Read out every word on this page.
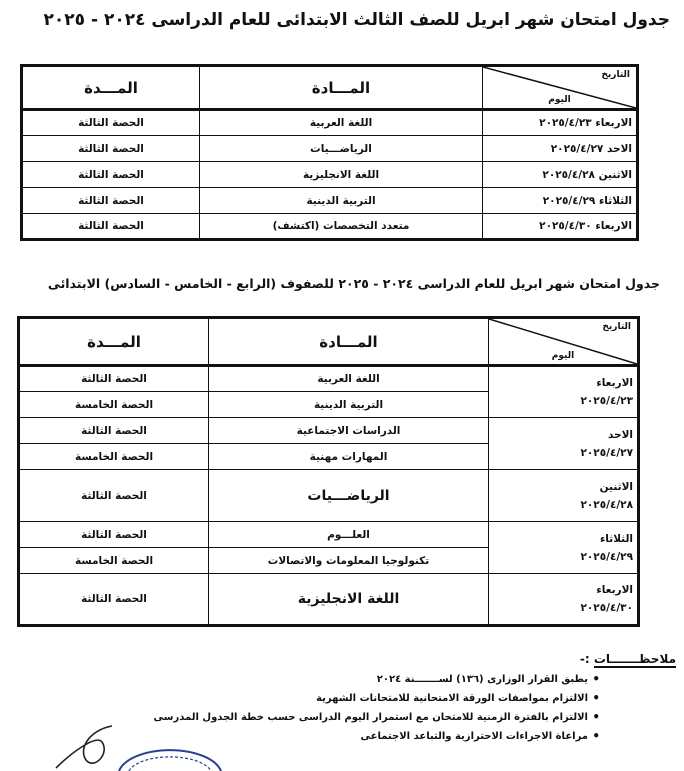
جدول امتحان شهر ابريل للصف الثالث الابتدائى للعام الدراسى ٢٠٢٤ - ٢٠٢٥
التاريخ
اليوم	المـــادة	المـــدة
الاربعاء ٢٠٢٥/٤/٢٣	اللغة العربية	الحصة الثالثة
الاحد ٢٠٢٥/٤/٢٧	الرياضـــيات	الحصة الثالثة
الاثنين ٢٠٢٥/٤/٢٨	اللغة الانجليزية	الحصة الثالثة
الثلاثاء ٢٠٢٥/٤/٢٩	التربية الدينية	الحصة الثالثة
الاربعاء ٢٠٢٥/٤/٣٠	متعدد التخصصات (اكتشف)	الحصة الثالثة
جدول امتحان شهر ابريل للعام الدراسى ٢٠٢٤ - ٢٠٢٥ للصفوف (الرابع - الخامس - السادس) الابتدائى
التاريخ
اليوم	المـــادة	المـــدة

الاربعاء
٢٠٢٥/٤/٢٣	اللغة العربية	الحصة الثالثة
	التربية الدينية	الحصة الخامسة

الاحد
٢٠٢٥/٤/٢٧	الدراسات الاجتماعية	الحصة الثالثة
	المهارات مهنية	الحصة الخامسة

الاثنين
٢٠٢٥/٤/٢٨	الرياضـــيات	الحصة الثالثة

الثلاثاء
٢٠٢٥/٤/٢٩	العلـــوم	الحصة الثالثة
	تكنولوجيا المعلومات والاتصالات	الحصة الخامسة

الاربعاء
٢٠٢٥/٤/٣٠	اللغة الانجليزية	الحصة الثالثة
ملاحظـــــــات :-
• يطبق القرار الوزارى (١٣٦) لســـــــنة ٢٠٢٤
• الالتزام بمواصفات الورقة الامتحانية للامتحانات الشهرية
• الالتزام بالفترة الزمنية للامتحان مع استمرار اليوم الدراسى حسب خطة الجدول المدرسى
• مراعاة الاجراءات الاحترازية والتباعد الاجتماعى
